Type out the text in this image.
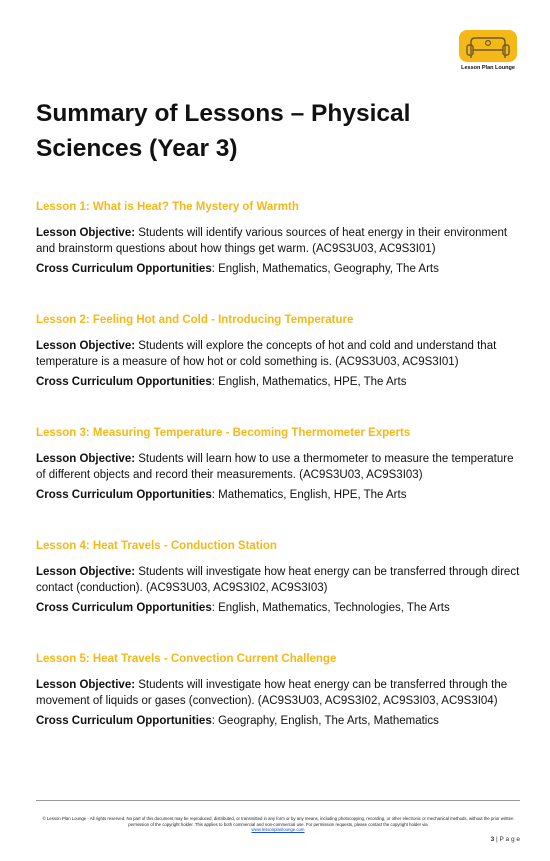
Lesson Plan Lounge
Summary of Lessons – Physical Sciences (Year 3)

Lesson 1: What is Heat? The Mystery of Warmth

Lesson Objective: Students will identify various sources of heat energy in their environment and brainstorm questions about how things get warm. (AC9S3U03, AC9S3I01)

Cross Curriculum Opportunities: English, Mathematics, Geography, The Arts

Lesson 2: Feeling Hot and Cold - Introducing Temperature

Lesson Objective: Students will explore the concepts of hot and cold and understand that temperature is a measure of how hot or cold something is. (AC9S3U03, AC9S3I01)

Cross Curriculum Opportunities: English, Mathematics, HPE, The Arts

Lesson 3: Measuring Temperature - Becoming Thermometer Experts

Lesson Objective: Students will learn how to use a thermometer to measure the temperature of different objects and record their measurements. (AC9S3U03, AC9S3I03)

Cross Curriculum Opportunities: Mathematics, English, HPE, The Arts

Lesson 4: Heat Travels - Conduction Station

Lesson Objective: Students will investigate how heat energy can be transferred through direct contact (conduction). (AC9S3U03, AC9S3I02, AC9S3I03)

Cross Curriculum Opportunities: English, Mathematics, Technologies, The Arts

Lesson 5: Heat Travels - Convection Current Challenge

Lesson Objective: Students will investigate how heat energy can be transferred through the movement of liquids or gases (convection). (AC9S3U03, AC9S3I02, AC9S3I03, AC9S3I04)

Cross Curriculum Opportunities: Geography, English, The Arts, Mathematics

© Lesson Plan Lounge - All rights reserved. No part of this document may be reproduced, distributed, or transmitted in any form or by any means, including photocopying, recording, or other electronic or mechanical methods, without the prior written permission of the copyright holder. This applies to both commercial and non-commercial use. For permission requests, please contact the copyright holder via
www.lessonplanlounge.com
3 | P a g e
